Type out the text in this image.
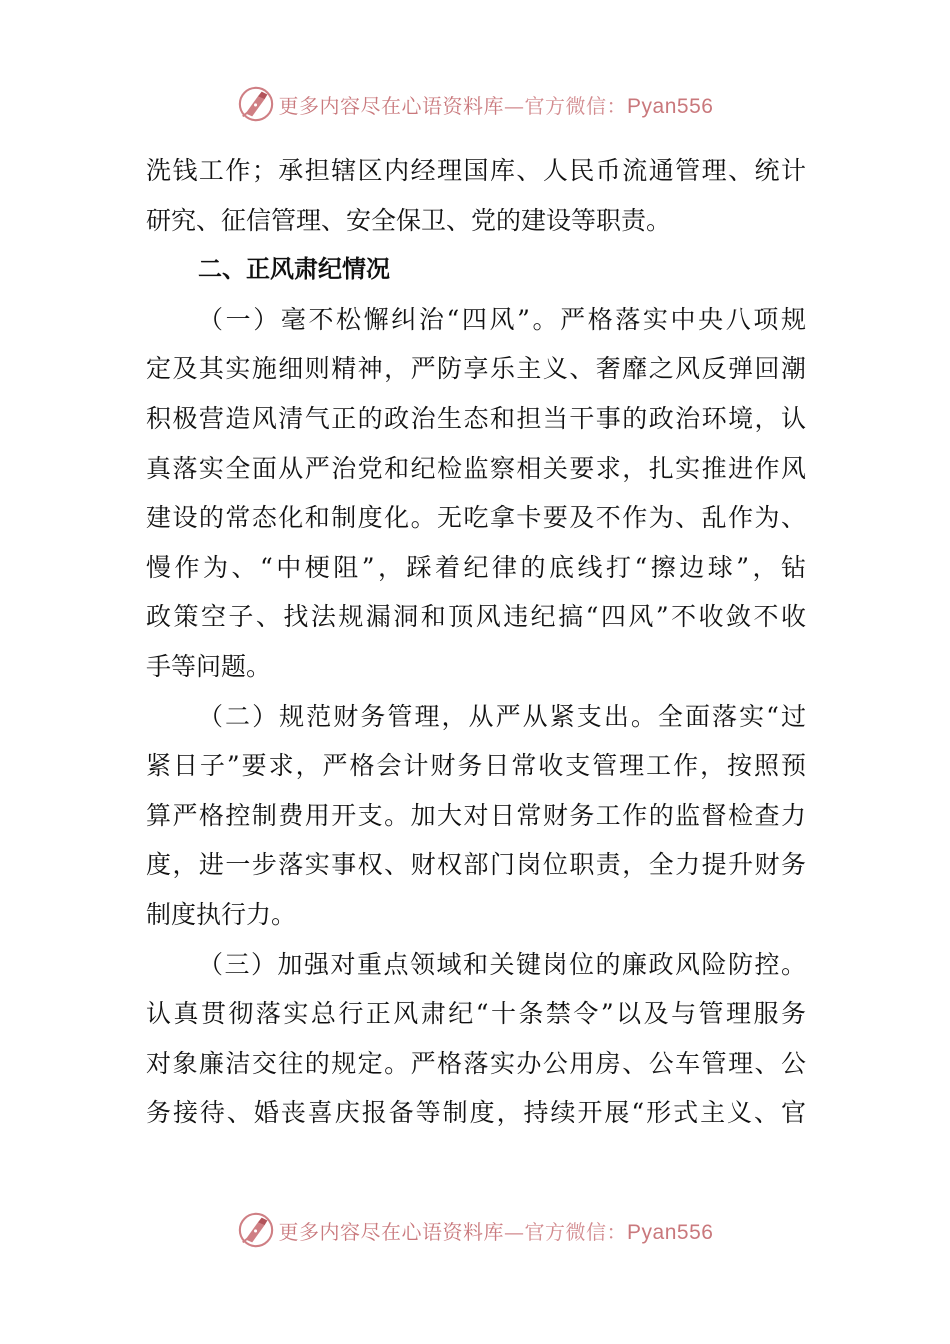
更多内容尽在心语资料库—官方微信：Pyan556
洗钱工作；承担辖区内经理国库、人民币流通管理、统计
研究、征信管理、安全保卫、党的建设等职责。
二、正风肃纪情况
（一）毫不松懈纠治“四风”。严格落实中央八项规
定及其实施细则精神，严防享乐主义、奢靡之风反弹回潮
积极营造风清气正的政治生态和担当干事的政治环境，认
真落实全面从严治党和纪检监察相关要求，扎实推进作风
建设的常态化和制度化。无吃拿卡要及不作为、乱作为、
慢作为、“中梗阻”，踩着纪律的底线打“擦边球”，钻
政策空子、找法规漏洞和顶风违纪搞“四风”不收敛不收
手等问题。
（二）规范财务管理，从严从紧支出。全面落实“过
紧日子”要求，严格会计财务日常收支管理工作，按照预
算严格控制费用开支。加大对日常财务工作的监督检查力
度，进一步落实事权、财权部门岗位职责，全力提升财务
制度执行力。
（三）加强对重点领域和关键岗位的廉政风险防控。
认真贯彻落实总行正风肃纪“十条禁令”以及与管理服务
对象廉洁交往的规定。严格落实办公用房、公车管理、公
务接待、婚丧喜庆报备等制度，持续开展“形式主义、官
更多内容尽在心语资料库—官方微信：Pyan556
